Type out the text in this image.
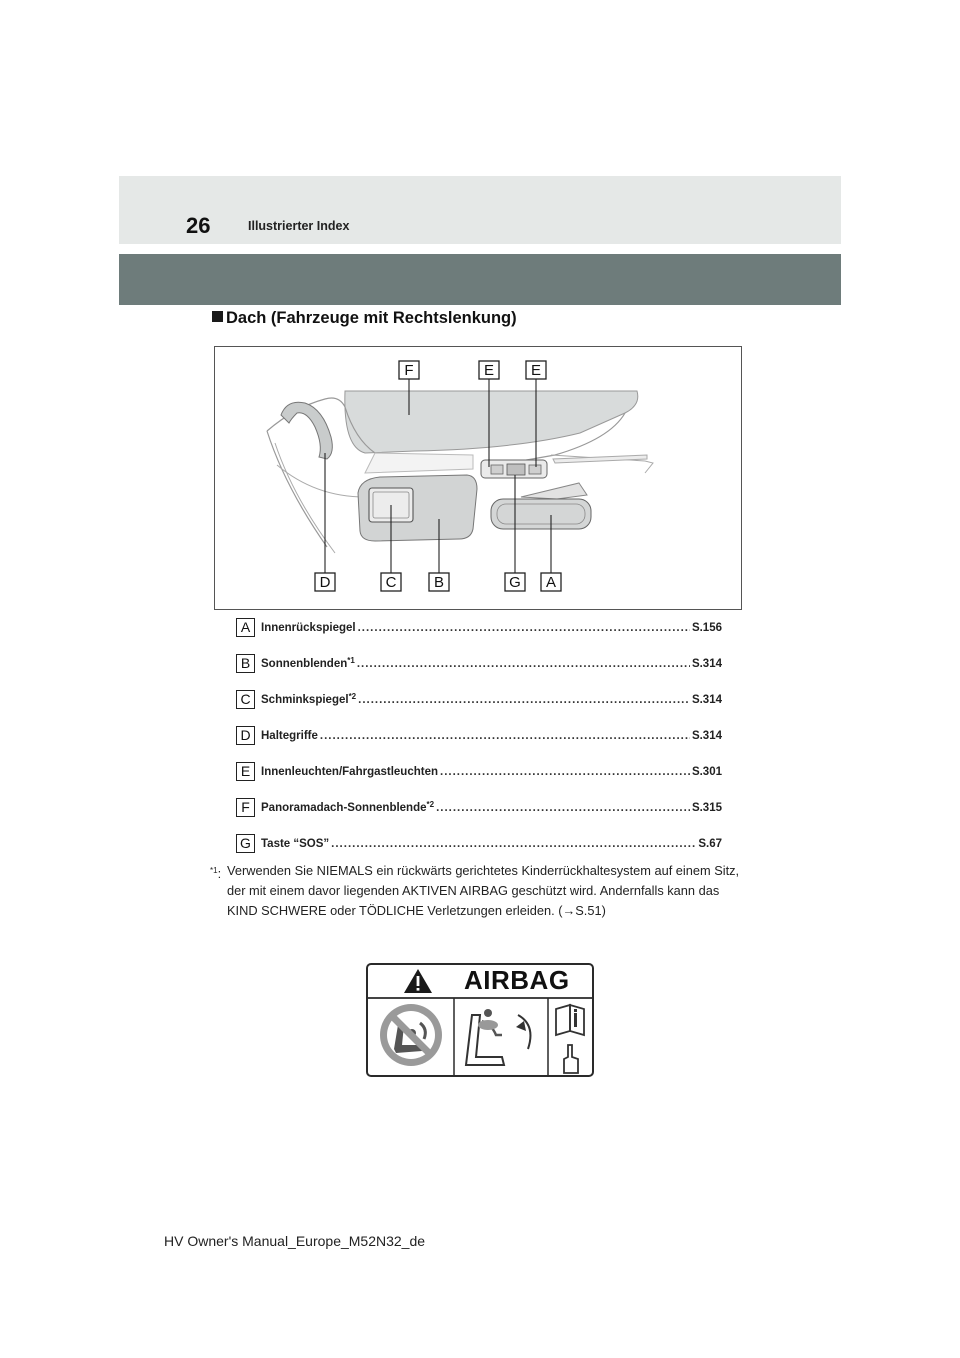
26	Illustrierter Index
Dach (Fahrzeuge mit Rechtslenkung)
F	E E
D	C	B	G A
A Innenrückspiegel .....	S.156
B Sonnenblenden$^{*1}$ .....	S.314
C Schminkspiegel$^{*2}$ .....	S.314
D Haltegriffe .....	S.314
E Innenleuchten/Fahrgastleuchten .....	S.301
F Panoramadach-Sonnenblende$^{*2}$ .....	S.315
G Taste “SOS” .....	S.67
$^{*1}$: Verwenden Sie NIEMALS ein rückwärts gerichtetes Kinderrückhaltesystem auf einem Sitz, der mit einem davor liegenden AKTIVEN AIRBAG geschützt wird. Andernfalls kann das KIND SCHWERE oder TÖDLICHE Verletzungen erleiden. (→S.51)
AIRBAG
HV Owner's Manual_Europe_M52N32_de
